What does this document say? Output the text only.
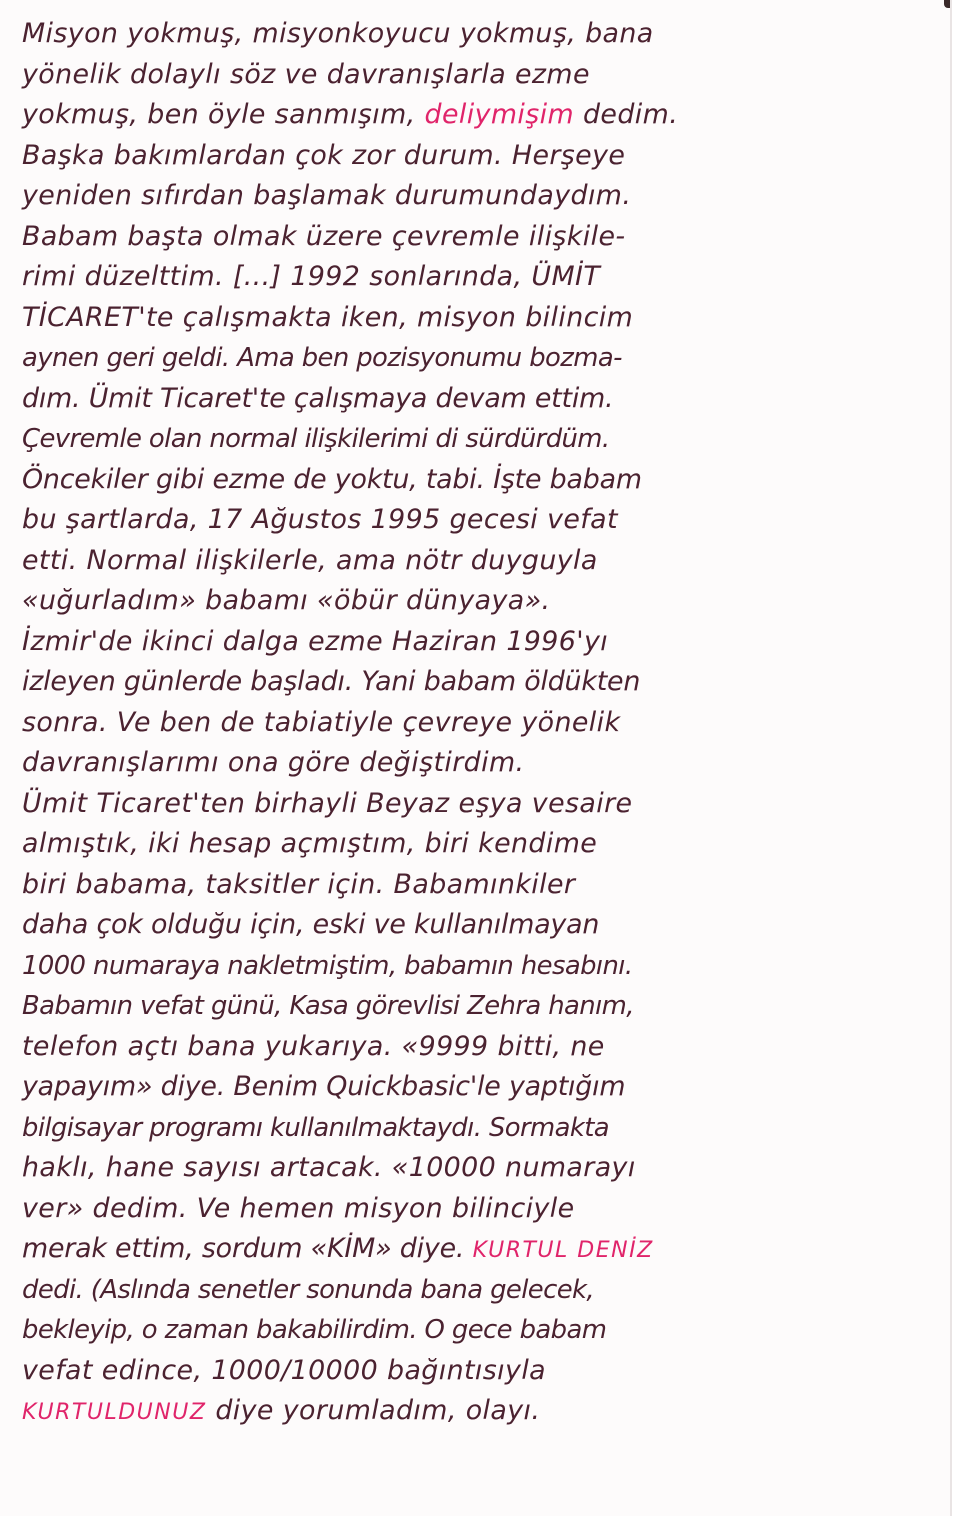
Misyon yokmuş, misyonkoyucu yokmuş, bana
yönelik dolaylı söz ve davranışlarla ezme
yokmuş, ben öyle sanmışım, deliymişim dedim.
Başka bakımlardan çok zor durum. Herşeye
yeniden sıfırdan başlamak durumundaydım.
Babam başta olmak üzere çevremle ilişkile-
rimi düzelttim. [...] 1992 sonlarında, ÜMİT
TİCARET'te çalışmakta iken, misyon bilincim
aynen geri geldi. Ama ben pozisyonumu bozma-
dım. Ümit Ticaret'te çalışmaya devam ettim.
Çevremle olan normal ilişkilerimi di sürdürdüm.
Öncekiler gibi ezme de yoktu, tabi. İşte babam
bu şartlarda, 17 Ağustos 1995 gecesi vefat
etti. Normal ilişkilerle, ama nötr duyguyla
«uğurladım» babamı «öbür dünyaya».
İzmir'de ikinci dalga ezme Haziran 1996'yı
izleyen günlerde başladı. Yani babam öldükten
sonra. Ve ben de tabiatiyle çevreye yönelik
davranışlarımı ona göre değiştirdim.
Ümit Ticaret'ten birhayli Beyaz eşya vesaire
almıştık, iki hesap açmıştım, biri kendime
biri babama, taksitler için. Babamınkiler
daha çok olduğu için, eski ve kullanılmayan
1000 numaraya nakletmiştim, babamın hesabını.
Babamın vefat günü, Kasa görevlisi Zehra hanım,
telefon açtı bana yukarıya. «9999 bitti, ne
yapayım» diye. Benim Quickbasic'le yaptığım
bilgisayar programı kullanılmaktaydı. Sormakta
haklı, hane sayısı artacak. «10000 numarayı
ver» dedim. Ve hemen misyon bilinciyle
merak ettim, sordum «KİM» diye. KURTUL DENİZ
dedi. (Aslında senetler sonunda bana gelecek,
bekleyip, o zaman bakabilirdim. O gece babam
vefat edince, 1000/10000 bağıntısıyla
KURTULDUNUZ diye yorumladım, olayı.
